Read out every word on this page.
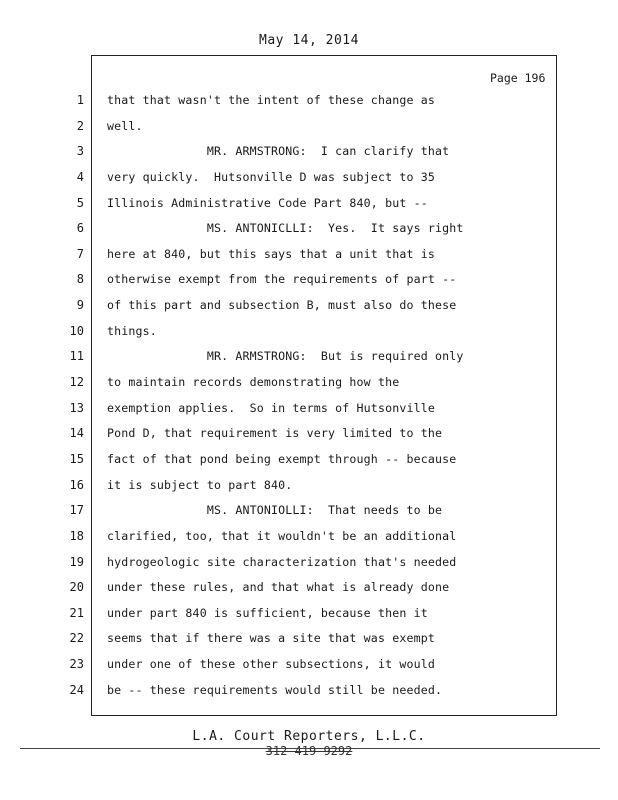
May 14, 2014
Page 196
1
2
3
4
5
6
7
8
9
10
11
12
13
14
15
16
17
18
19
20
21
22
23
24
that that wasn't the intent of these change as
well.
MR. ARMSTRONG:  I can clarify that
very quickly.  Hutsonville D was subject to 35
Illinois Administrative Code Part 840, but --
MS. ANTONICLLI:  Yes.  It says right
here at 840, but this says that a unit that is
otherwise exempt from the requirements of part --
of this part and subsection B, must also do these
things.
MR. ARMSTRONG:  But is required only
to maintain records demonstrating how the
exemption applies.  So in terms of Hutsonville
Pond D, that requirement is very limited to the
fact of that pond being exempt through -- because
it is subject to part 840.
MS. ANTONIOLLI:  That needs to be
clarified, too, that it wouldn't be an additional
hydrogeologic site characterization that's needed
under these rules, and that what is already done
under part 840 is sufficient, because then it
seems that if there was a site that was exempt
under one of these other subsections, it would
be -- these requirements would still be needed.
L.A. Court Reporters, L.L.C.
312-419-9292
